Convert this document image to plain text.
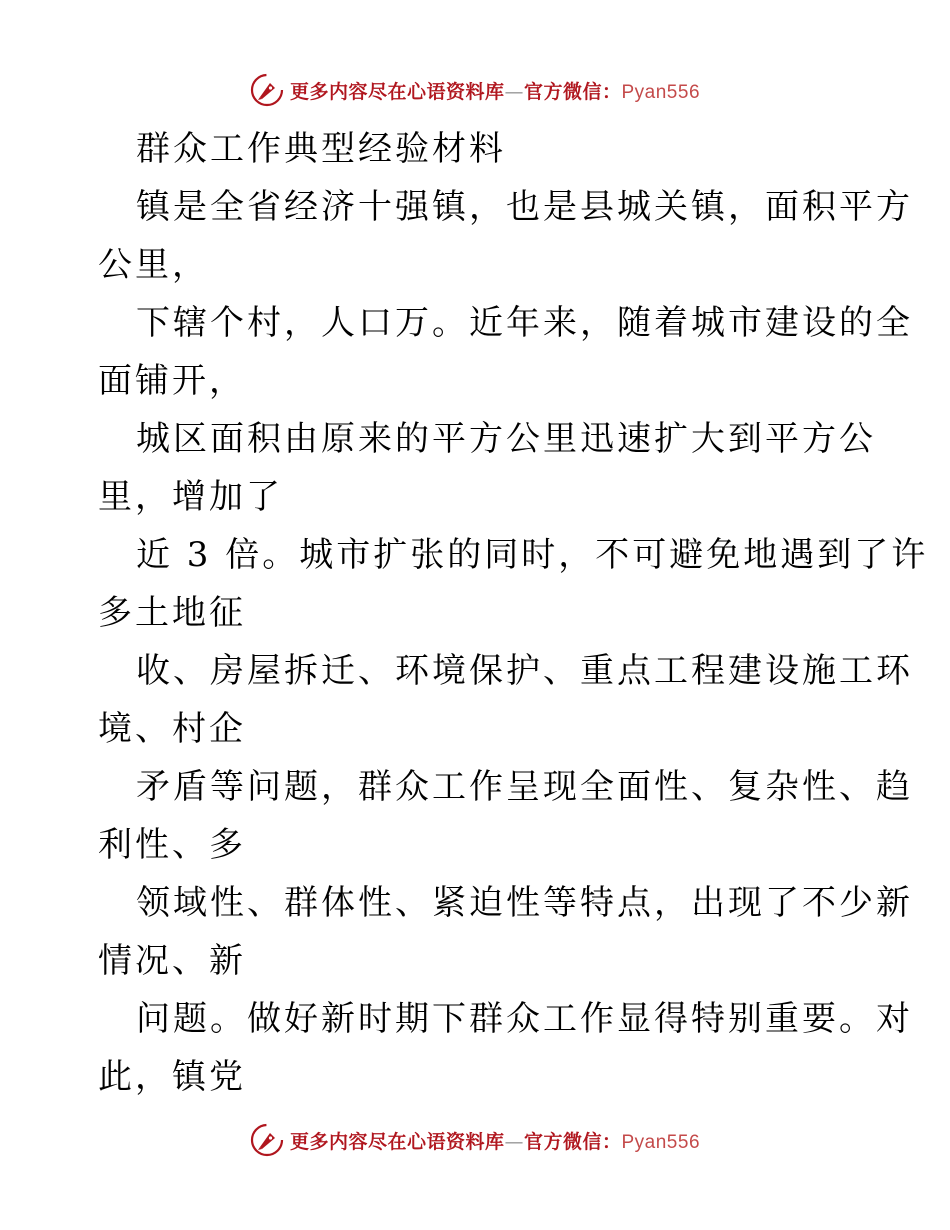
更多内容尽在心语资料库—官方微信：Pyan556
群众工作典型经验材料
镇是全省经济十强镇，也是县城关镇，面积平方
公里，
下辖个村，人口万。近年来，随着城市建设的全
面铺开，
城区面积由原来的平方公里迅速扩大到平方公
里，增加了
近 3 倍。城市扩张的同时，不可避免地遇到了许
多土地征
收、房屋拆迁、环境保护、重点工程建设施工环
境、村企
矛盾等问题，群众工作呈现全面性、复杂性、趋
利性、多
领域性、群体性、紧迫性等特点，出现了不少新
情况、新
问题。做好新时期下群众工作显得特别重要。对
此，镇党
更多内容尽在心语资料库—官方微信：Pyan556
